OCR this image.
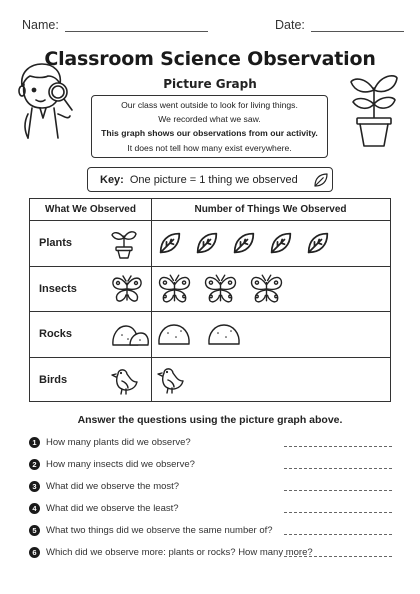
Name:	Date:
Classroom Science Observation
Picture Graph
Our class went outside to look for living things.
We recorded what we saw.
This graph shows our observations from our activity.
It does not tell how many exist everywhere.
Key: One picture = 1 thing we observed
What We Observed	Number of Things We Observed
Plants
Insects
Rocks
Birds
Answer the questions using the picture graph above.
1 How many plants did we observe?
2 How many insects did we observe?
3 What did we observe the most?
4 What did we observe the least?
5 What two things did we observe the same number of?
6 Which did we observe more: plants or rocks? How many more?
